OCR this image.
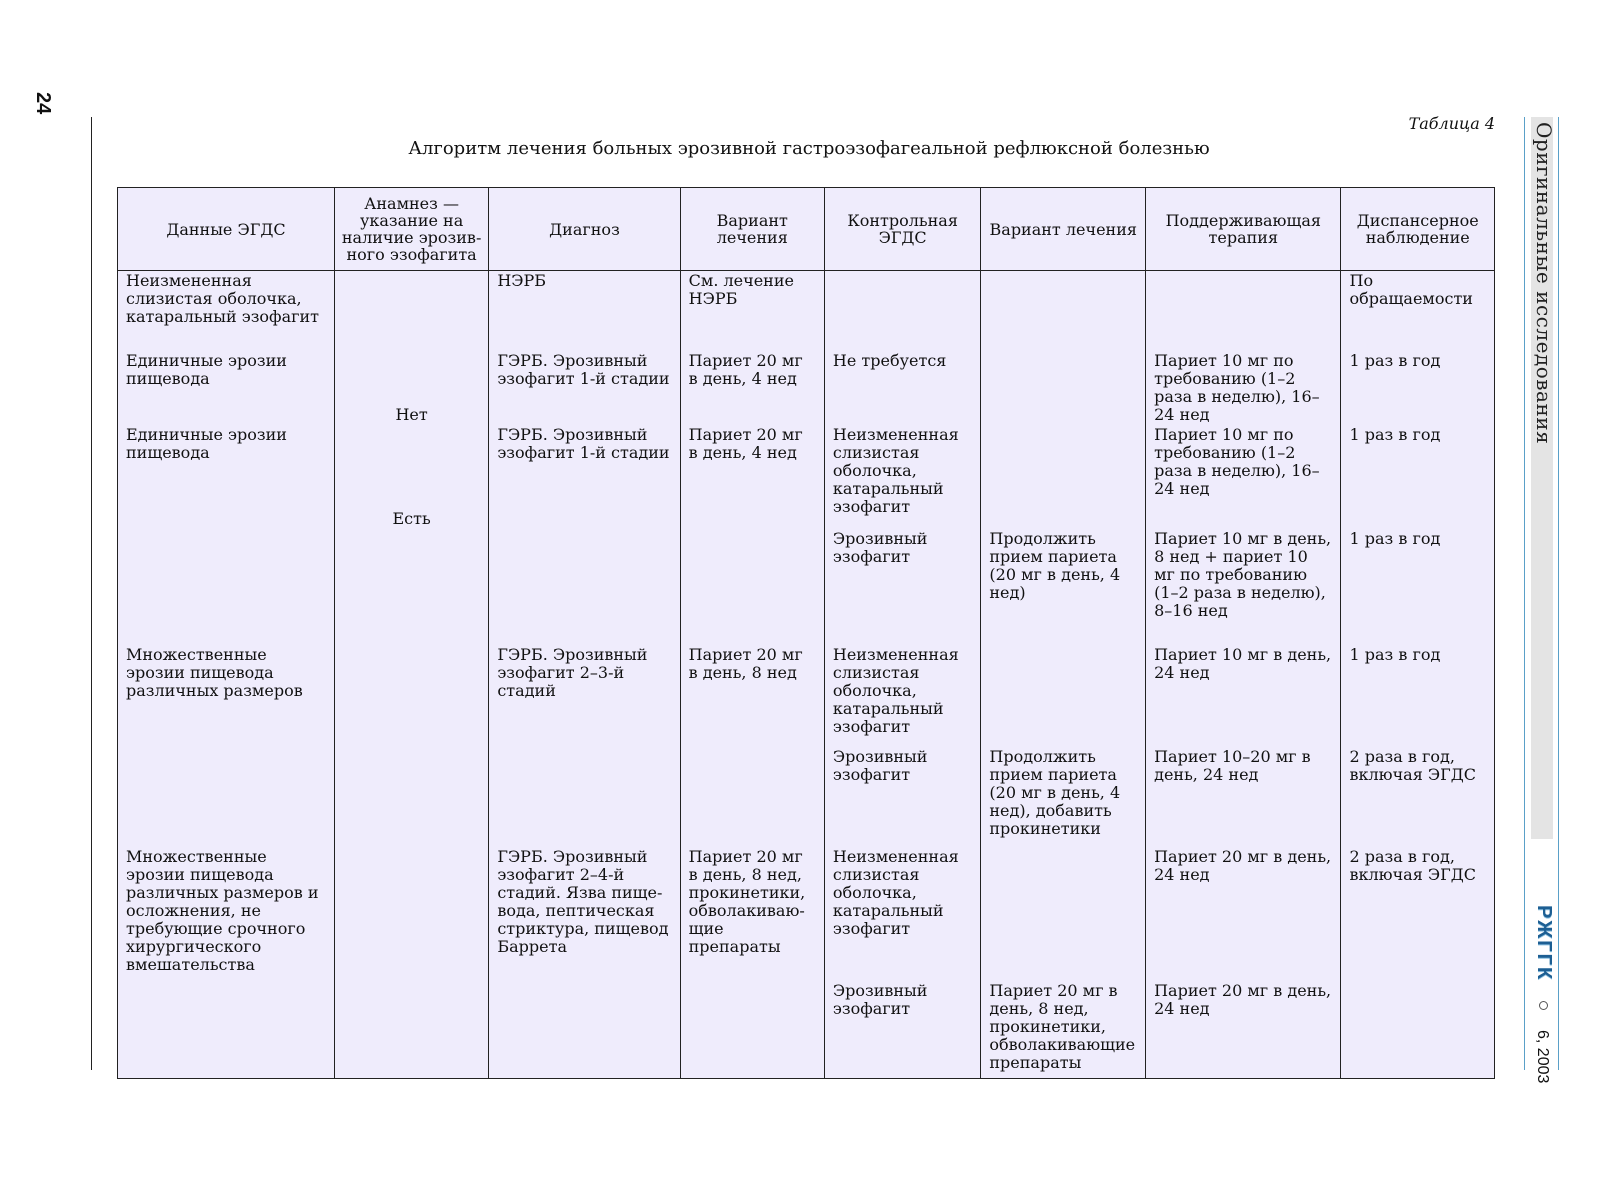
24
Оригинальные исследования
РЖГГК
6, 2003
Таблица 4
Алгоритм лечения больных эрозивной гастроэзофагеальной рефлюксной болезнью
Данные ЭГДС	Анамнез — указание на наличие эрозив-ного эзофагита	Диагноз	Вариант лечения	Контрольная ЭГДС	Вариант лечения	Поддерживающая терапия	Диспансерное наблюдение
Неизмененная слизистая оболочка, катаральный эзофагит		НЭРБ	См. лечение НЭРБ				По обращаемости
Единичные эрозии пищевода	Нет	ГЭРБ. Эрозивный эзофагит 1-й стадии	Париет 20 мг в день, 4 нед	Не требуется		Париет 10 мг по требованию (1–2 раза в неделю), 16–24 нед	1 раз в год
Единичные эрозии пищевода	Есть	ГЭРБ. Эрозивный эзофагит 1-й стадии	Париет 20 мг в день, 4 нед	Неизмененная слизистая оболочка, катаральный эзофагит		Париет 10 мг по требованию (1–2 раза в неделю), 16–24 нед	1 раз в год
				Эрозивный эзофагит	Продолжить прием париета (20 мг в день, 4 нед)	Париет 10 мг в день, 8 нед + париет 10 мг по требованию (1–2 раза в неделю), 8–16 нед	1 раз в год
Множественные эрозии пищевода различных размеров		ГЭРБ. Эрозивный эзофагит 2–3-й стадий	Париет 20 мг в день, 8 нед	Неизмененная слизистая оболочка, катаральный эзофагит		Париет 10 мг в день, 24 нед	1 раз в год
				Эрозивный эзофагит	Продолжить прием париета (20 мг в день, 4 нед), добавить прокинетики	Париет 10–20 мг в день, 24 нед	2 раза в год, включая ЭГДС
Множественные эрозии пищевода различных размеров и осложнения, не требующие срочного хирургического вмешательства		ГЭРБ. Эрозивный эзофагит 2–4-й стадий. Язва пище-вода, пептическая стриктура, пищевод Баррета	Париет 20 мг в день, 8 нед, прокинетики, обволакиваю-щие препараты	Неизмененная слизистая оболочка, катаральный эзофагит		Париет 20 мг в день, 24 нед	2 раза в год, включая ЭГДС
				Эрозивный эзофагит	Париет 20 мг в день, 8 нед, прокинетики, обволакивающие препараты	Париет 20 мг в день, 24 нед	
